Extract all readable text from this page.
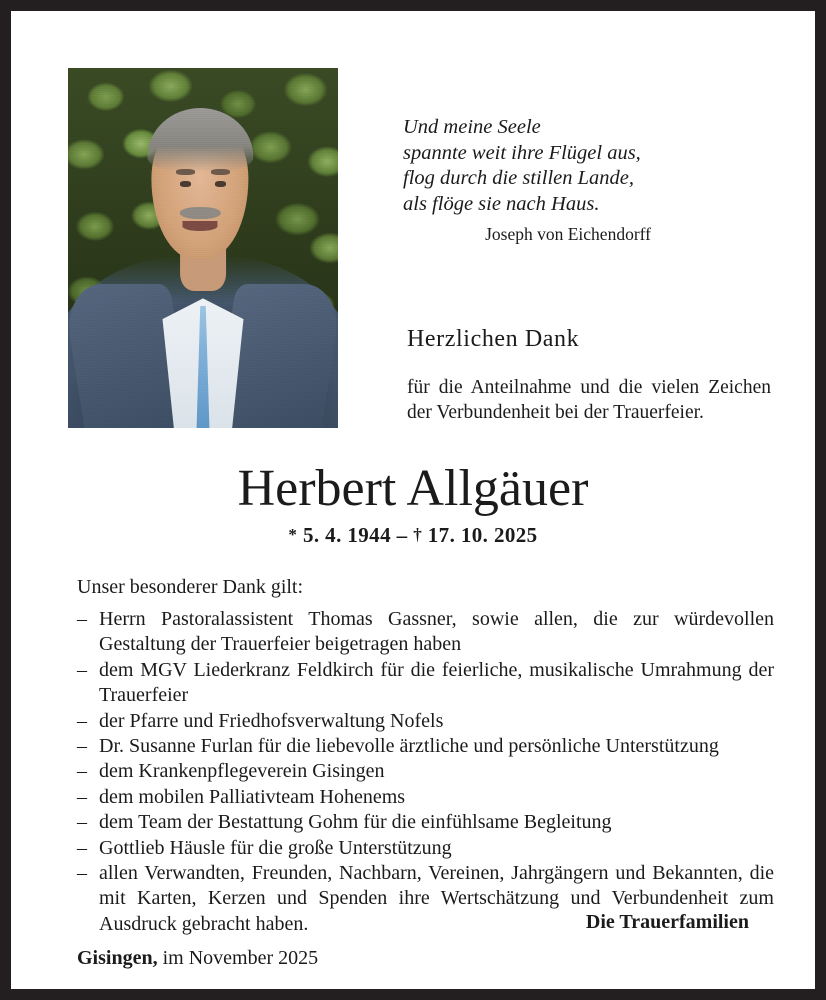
Und meine Seele
spannte weit ihre Flügel aus,
flog durch die stillen Lande,
als flöge sie nach Haus.
Joseph von Eichendorff
Herzlichen Dank
für die Anteilnahme und die vielen Zeichen der Verbundenheit bei der Trauerfeier.
Herbert Allgäuer
* 5. 4. 1944 – † 17. 10. 2025
Unser besonderer Dank gilt:
– Herrn Pastoralassistent Thomas Gassner, sowie allen, die zur würdevollen Gestaltung der Trauerfeier beigetragen haben
– dem MGV Liederkranz Feldkirch für die feierliche, musikalische Umrahmung der Trauerfeier
– der Pfarre und Friedhofsverwaltung Nofels
– Dr. Susanne Furlan für die liebevolle ärztliche und persönliche Unterstützung
– dem Krankenpflegeverein Gisingen
– dem mobilen Palliativteam Hohenems
– dem Team der Bestattung Gohm für die einfühlsame Begleitung
– Gottlieb Häusle für die große Unterstützung
– allen Verwandten, Freunden, Nachbarn, Vereinen, Jahrgängern und Bekannten, die mit Karten, Kerzen und Spenden ihre Wertschätzung und Verbundenheit zum Ausdruck gebracht haben.	Die Trauerfamilien
Gisingen, im November 2025
